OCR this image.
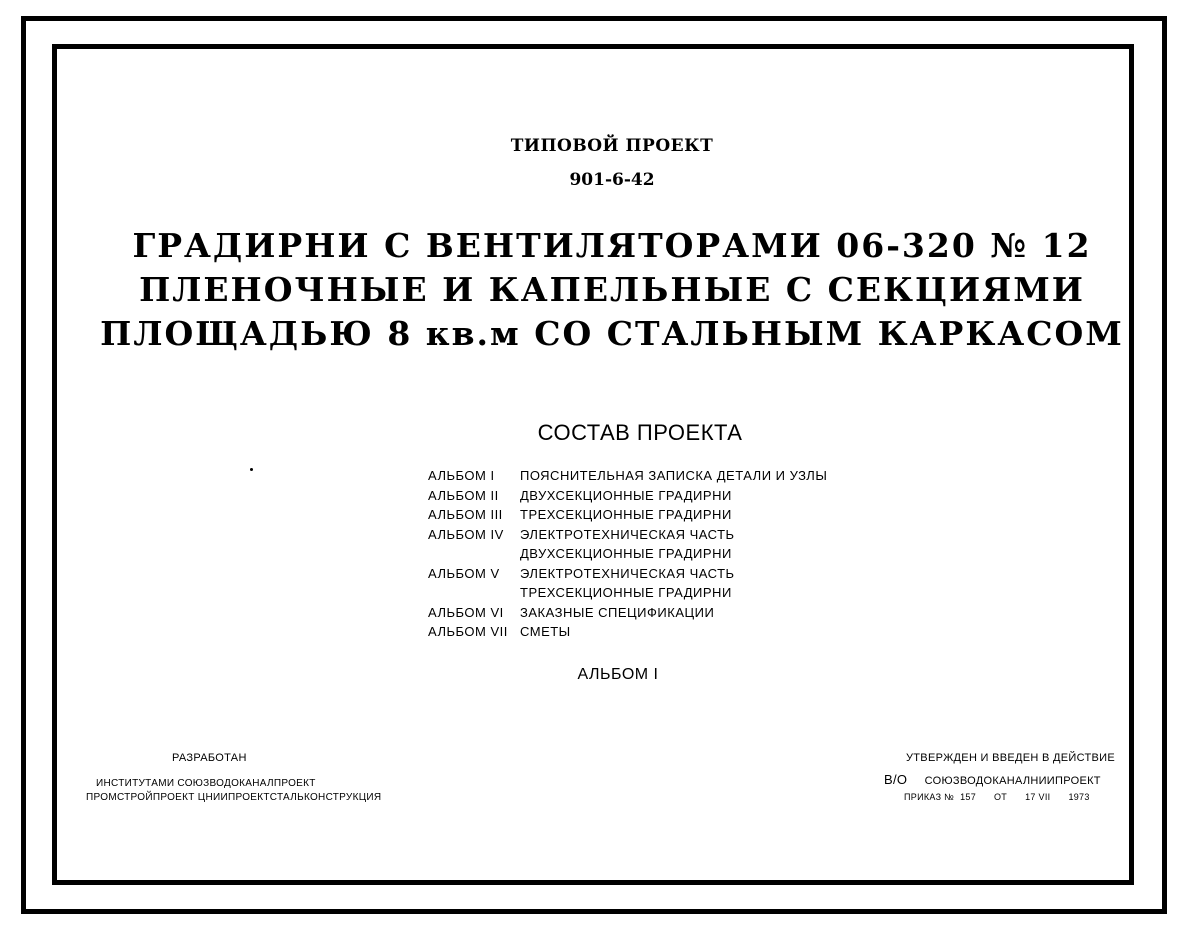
ТИПОВОЙ ПРОЕКТ
901-6-42
ГРАДИРНИ С ВЕНТИЛЯТОРАМИ 06-320 № 12
ПЛЕНОЧНЫЕ И КАПЕЛЬНЫЕ С СЕКЦИЯМИ
ПЛОЩАДЬЮ 8 кв.м СО СТАЛЬНЫМ КАРКАСОМ
СОСТАВ ПРОЕКТА
АЛЬБОМ I	ПОЯСНИТЕЛЬНАЯ ЗАПИСКА ДЕТАЛИ И УЗЛЫ
АЛЬБОМ II	ДВУХСЕКЦИОННЫЕ ГРАДИРНИ
АЛЬБОМ III	ТРЕХСЕКЦИОННЫЕ ГРАДИРНИ
АЛЬБОМ IV	ЭЛЕКТРОТЕХНИЧЕСКАЯ ЧАСТЬ
ДВУХСЕКЦИОННЫЕ ГРАДИРНИ
АЛЬБОМ V	ЭЛЕКТРОТЕХНИЧЕСКАЯ ЧАСТЬ
ТРЕХСЕКЦИОННЫЕ ГРАДИРНИ
АЛЬБОМ VI	ЗАКАЗНЫЕ СПЕЦИФИКАЦИИ
АЛЬБОМ VII СМЕТЫ
АЛЬБОМ I
РАЗРАБОТАН
ИНСТИТУТАМИ СОЮЗВОДОКАНАЛПРОЕКТ
ПРОМСТРОЙПРОЕКТ ЦНИИПРОЕКТСТАЛЬКОНСТРУКЦИЯ
УТВЕРЖДЕН И ВВЕДЕН В ДЕЙСТВИЕ
В/О СОЮЗВОДОКАНАЛНИИПРОЕКТ
ПРИКАЗ № 157 ОТ 17 VII 1973
